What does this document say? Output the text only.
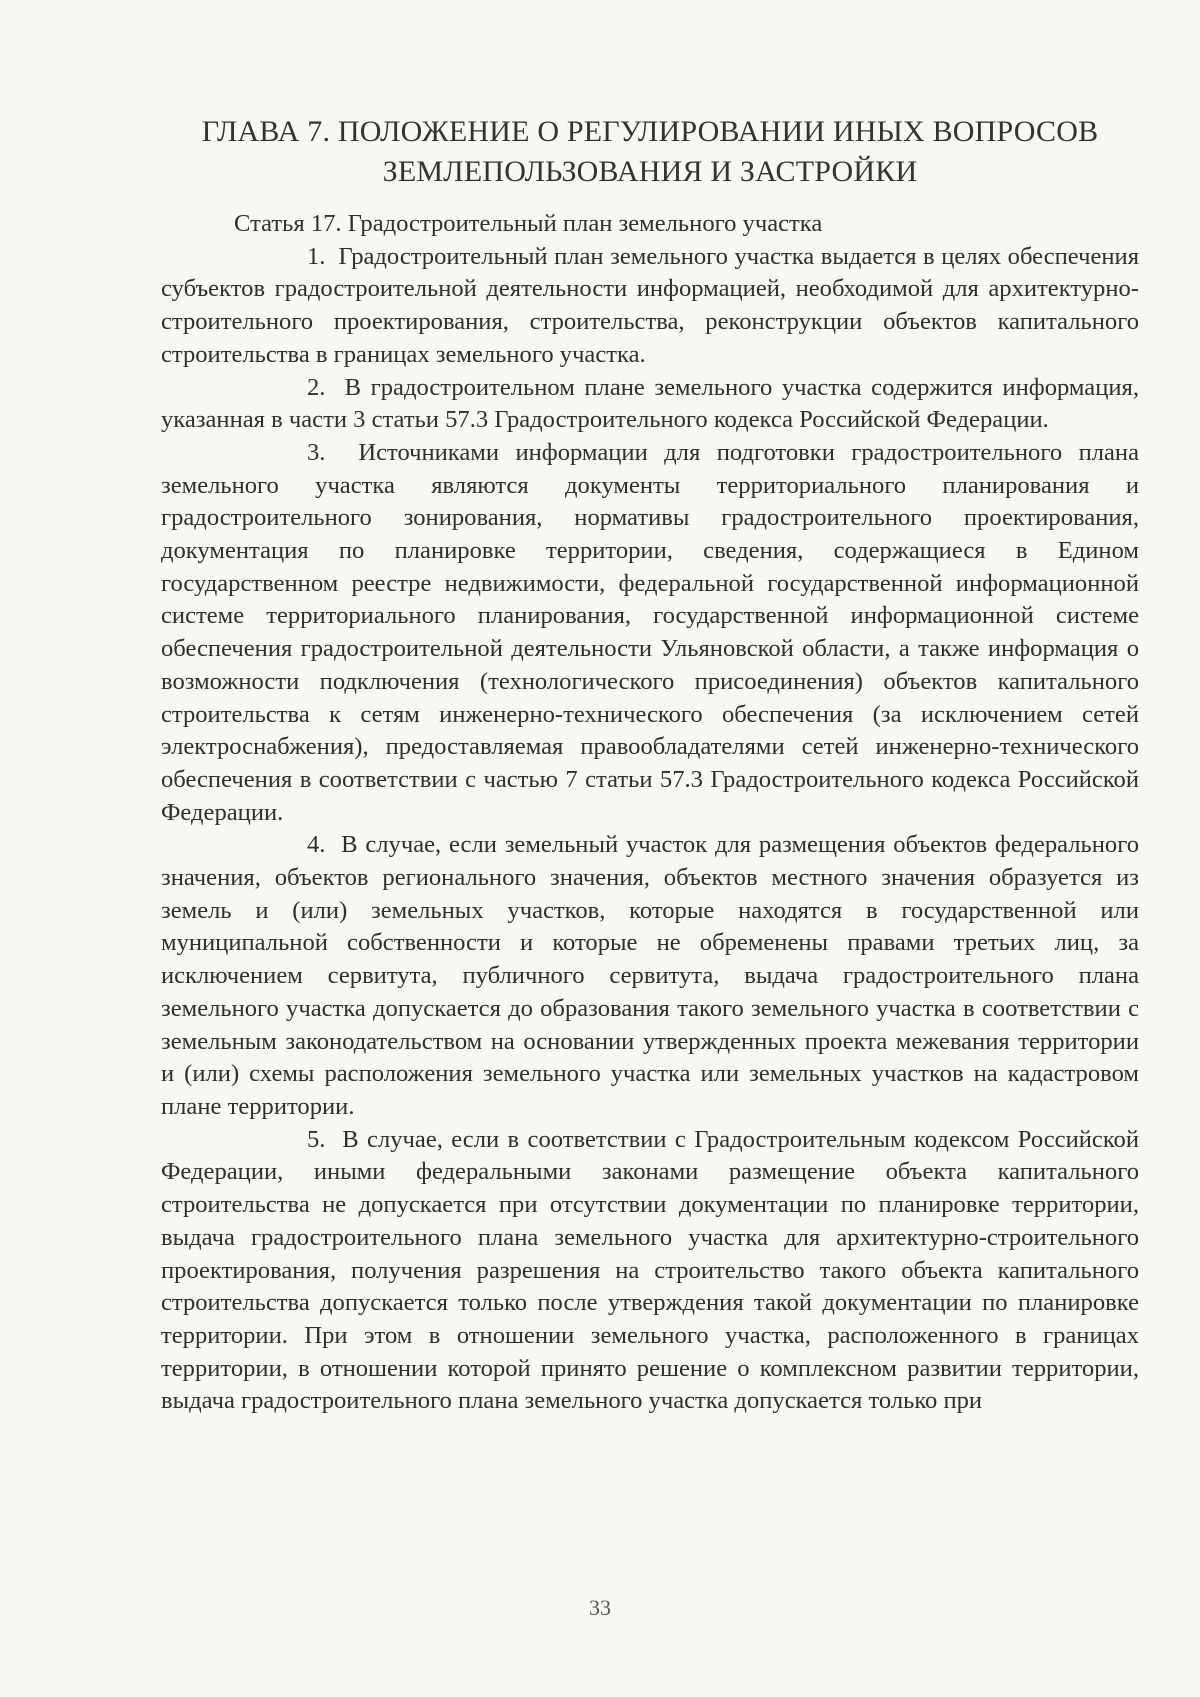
ГЛАВА 7. ПОЛОЖЕНИЕ О РЕГУЛИРОВАНИИ ИНЫХ ВОПРОСОВ
ЗЕМЛЕПОЛЬЗОВАНИЯ И ЗАСТРОЙКИ

Статья 17. Градостроительный план земельного участка

1. Градостроительный план земельного участка выдается в целях обеспечения субъектов градостроительной деятельности информацией, необходимой для архитектурно-строительного проектирования, строительства, реконструкции объектов капитального строительства в границах земельного участка.

2. В градостроительном плане земельного участка содержится информация, указанная в части 3 статьи 57.3 Градостроительного кодекса Российской Федерации.

3. Источниками информации для подготовки градостроительного плана земельного участка являются документы территориального планирования и градостроительного зонирования, нормативы градостроительного проектирования, документация по планировке территории, сведения, содержащиеся в Едином государственном реестре недвижимости, федеральной государственной информационной системе территориального планирования, государственной информационной системе обеспечения градостроительной деятельности Ульяновской области, а также информация о возможности подключения (технологического присоединения) объектов капитального строительства к сетям инженерно-технического обеспечения (за исключением сетей электроснабжения), предоставляемая правообладателями сетей инженерно-технического обеспечения в соответствии с частью 7 статьи 57.3 Градостроительного кодекса Российской Федерации.

4. В случае, если земельный участок для размещения объектов федерального значения, объектов регионального значения, объектов местного значения образуется из земель и (или) земельных участков, которые находятся в государственной или муниципальной собственности и которые не обременены правами третьих лиц, за исключением сервитута, публичного сервитута, выдача градостроительного плана земельного участка допускается до образования такого земельного участка в соответствии с земельным законодательством на основании утвержденных проекта межевания территории и (или) схемы расположения земельного участка или земельных участков на кадастровом плане территории.

5. В случае, если в соответствии с Градостроительным кодексом Российской Федерации, иными федеральными законами размещение объекта капитального строительства не допускается при отсутствии документации по планировке территории, выдача градостроительного плана земельного участка для архитектурно-строительного проектирования, получения разрешения на строительство такого объекта капитального строительства допускается только после утверждения такой документации по планировке территории. При этом в отношении земельного участка, расположенного в границах территории, в отношении которой принято решение о комплексном развитии территории, выдача градостроительного плана земельного участка допускается только при

33
